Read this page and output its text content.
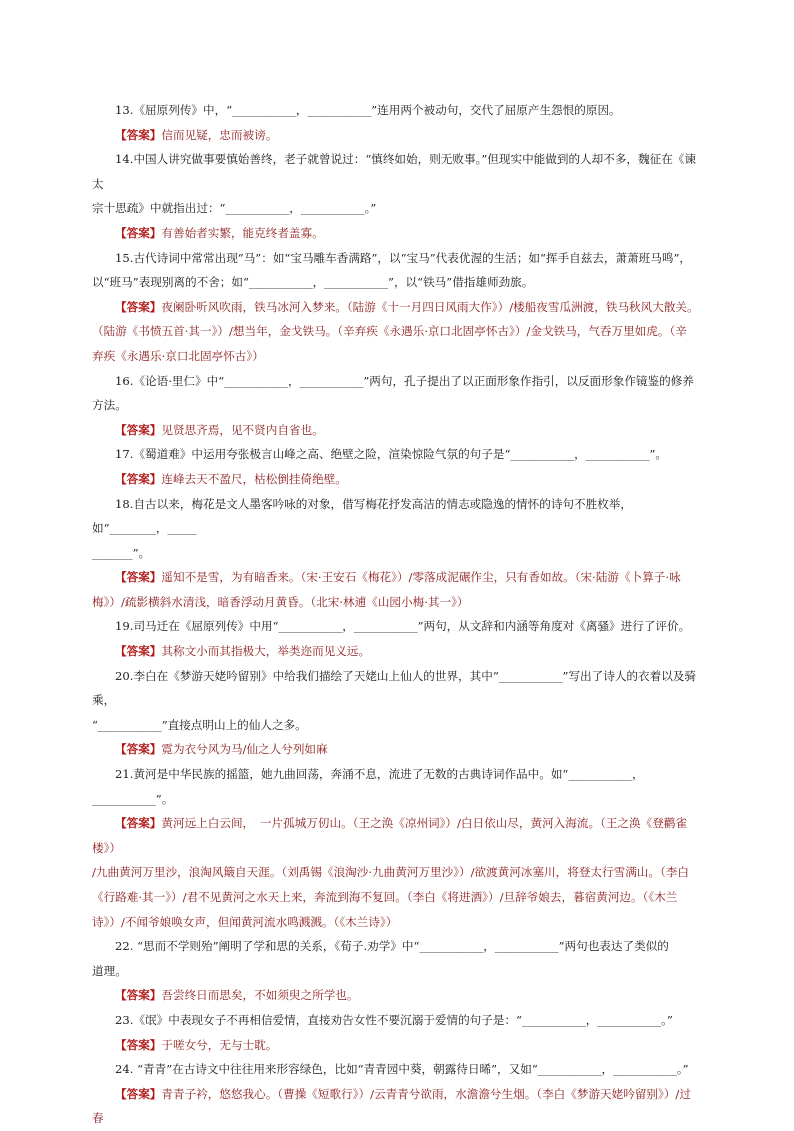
13.《屈原列传》中，“___________，___________”连用两个被动句，交代了屈原产生怨恨的原因。
【答案】信而见疑，忠而被谤。
14.中国人讲究做事要慎始善终，老子就曾说过：“慎终如始，则无败事。”但现实中能做到的人却不多，魏征在《谏太
宗十思疏》中就指出过：“___________，___________。”
【答案】有善始者实繁，能克终者盖寡。
15.古代诗词中常常出现“马”：如“宝马雕车香满路”，以“宝马”代表优渥的生活；如“挥手自兹去，萧萧班马鸣”，
以“班马”表现别离的不舍；如“___________，___________”，以“铁马”借指雄师劲旅。
【答案】夜阑卧听风吹雨，铁马冰河入梦来。（陆游《十一月四日风雨大作》）/楼船夜雪瓜洲渡，铁马秋风大散关。
（陆游《书愤五首·其一》）/想当年，金戈铁马。（辛弃疾《永遇乐·京口北固亭怀古》）/金戈铁马，气吞万里如虎。（辛
弃疾《永遇乐·京口北固亭怀古》）
16.《论语·里仁》中“___________，___________”两句，孔子提出了以正面形象作指引，以反面形象作镜鉴的修养
方法。
【答案】见贤思齐焉，见不贤内自省也。
17.《蜀道难》中运用夸张极言山峰之高、绝壁之险，渲染惊险气氛的句子是“___________，___________”。
【答案】连峰去天不盈尺，枯松倒挂倚绝壁。
18.自古以来，梅花是文人墨客吟咏的对象，借写梅花抒发高洁的情志或隐逸的情怀的诗句不胜枚举，如“________，_____
_______”。
【答案】遥知不是雪，为有暗香来。（宋·王安石《梅花》）/零落成泥碾作尘，只有香如故。（宋·陆游《卜算子·咏
梅》）/疏影横斜水清浅，暗香浮动月黄昏。（北宋·林逋《山园小梅·其一》）
19.司马迁在《屈原列传》中用“___________，___________”两句，从文辞和内涵等角度对《离骚》进行了评价。
【答案】其称文小而其指极大，举类迩而见义远。
20.李白在《梦游天姥吟留别》中给我们描绘了天姥山上仙人的世界，其中“___________”写出了诗人的衣着以及骑乘，
“___________”直接点明山上的仙人之多。
【答案】霓为衣兮风为马/仙之人兮列如麻
21.黄河是中华民族的摇篮，她九曲回荡，奔涌不息，流进了无数的古典诗词作品中。如“___________，
___________”。
【答案】黄河远上白云间，　一片孤城万仞山。（王之涣《凉州词》）/白日依山尽，黄河入海流。（王之涣《登鹳雀楼》）
/九曲黄河万里沙，浪淘风簸自天涯。（刘禹锡《浪淘沙·九曲黄河万里沙》）/欲渡黄河冰塞川，将登太行雪满山。（李白
《行路难·其一》）/君不见黄河之水天上来，奔流到海不复回。（李白《将进酒》）/旦辞爷娘去，暮宿黄河边。（《木兰
诗》）/不闻爷娘唤女声，但闻黄河流水鸣溅溅。（《木兰诗》）
22. “思而不学则殆”阐明了学和思的关系，《荀子.劝学》中“___________，___________”两句也表达了类似的
道理。
【答案】吾尝终日而思矣，不如须臾之所学也。
23.《氓》中表现女子不再相信爱情，直接劝告女性不要沉溺于爱情的句子是：“___________，___________。”
【答案】于嗟女兮，无与士耽。
24. “青青”在古诗文中往往用来形容绿色，比如“青青园中葵，朝露待日晞”，又如“___________，___________。”
【答案】青青子衿，悠悠我心。（曹操《短歌行》）/云青青兮欲雨，水澹澹兮生烟。（李白《梦游天姥吟留别》）/过春
